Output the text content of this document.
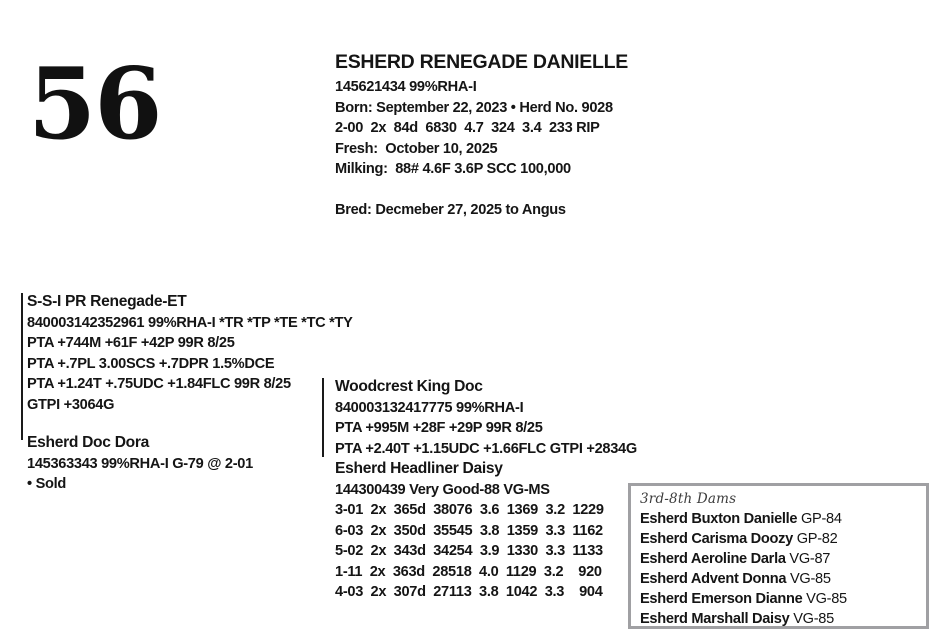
56	ESHERD RENEGADE DANIELLE
145621434 99%RHA-I
Born: September 22, 2023 • Herd No. 9028
2-00  2x  84d  6830  4.7  324  3.4  233 RIP
Fresh:  October 10, 2025
Milking:  88# 4.6F 3.6P SCC 100,000
Bred: Decmeber 27, 2025 to Angus
S-S-I PR Renegade-ET
840003142352961 99%RHA-I *TR *TP *TE *TC *TY
PTA +744M +61F +42P 99R 8/25
PTA +.7PL 3.00SCS +.7DPR 1.5%DCE
PTA +1.24T +.75UDC +1.84FLC 99R 8/25
GTPI +3064G
Esherd Doc Dora
145363343 99%RHA-I G-79 @ 2-01
• Sold
Woodcrest King Doc
840003132417775 99%RHA-I
PTA +995M +28F +29P 99R 8/25
PTA +2.40T +1.15UDC +1.66FLC GTPI +2834G
Esherd Headliner Daisy
144300439 Very Good-88 VG-MS
3-01  2x  365d  38076  3.6  1369  3.2  1229
6-03  2x  350d  35545  3.8  1359  3.3  1162
5-02  2x  343d  34254  3.9  1330  3.3  1133
1-11  2x  363d  28518  4.0  1129  3.2    920
4-03  2x  307d  27113  3.8  1042  3.3    904
3rd-8th Dams
Esherd Buxton Danielle GP-84
Esherd Carisma Doozy GP-82
Esherd Aeroline Darla VG-87
Esherd Advent Donna VG-85
Esherd Emerson Dianne VG-85
Esherd Marshall Daisy VG-85
